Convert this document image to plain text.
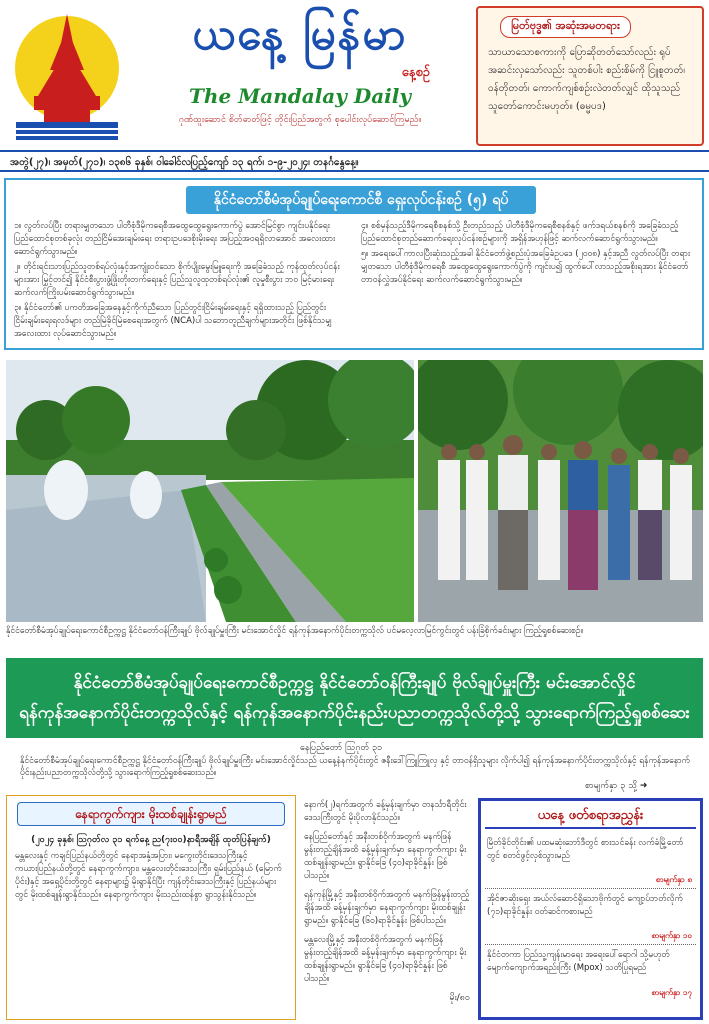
ယနေ့ မြန်မာ
နေ့စဉ်
The Mandalay Daily
ဂုဏ်ထူးဆောင် စိတ်ဓာတ်ဖြင့် တိုင်းပြည်အတွက် စုပေါင်းလုပ်ဆောင်ကြမည်။
မြတ်ဗုဒ္ဓ၏ အဆုံးအမတရား
သာယာသောစကားကို ပြောဆိုတတ်သော်လည်း ရုပ်အဆင်းလှသော်လည်း သူတစ်ပါး စည်းစိမ်ကို ငြူစူတတ်၊ ဝန်တိုတတ်၊ ကောက်ကျစ်စဉ်းလဲတတ်လျှင် ထိုသူသည် သူတော်ကောင်းမဟုတ်။ (ဓမ္မပဒ)
အတွဲ(၂၇)၊ အမှတ်(၂၇၁)၊ ၁၃၈၆ ခုနှစ်၊ ဝါခေါင်လပြည့်ကျော် ၁၃ ရက်၊ ၁-၉-၂၀၂၄၊ တနင်္ဂနွေနေ့။
နိုင်ငံတော်စီမံအုပ်ချုပ်ရေးကောင်စီ ရှေးလုပ်ငန်းစဉ် (၅) ရပ်

၁။ လွတ်လပ်ပြီး တရားမျှတသော ပါတီစုံဒီမိုကရေစီအထွေထွေရွေးကောက်ပွဲ အောင်မြင်စွာ ကျင်းပနိုင်ရေး ပြည်ထောင်စုတစ်ခုလုံး တည်ငြိမ်အေးချမ်းရေး တရားဥပဒေစိုးမိုးရေး အပြည့်အဝရရှိလာအောင် အလေးထားဆောင်ရွက်သွားမည်။

၂။ တိုင်းရင်းသားပြည်သူတစ်ရပ်လုံးနှင့်အကျုံးဝင်သော စိုက်ပျိုးမွေးမြူရေးကို အခြေခံသည့် ကုန်ထုတ်လုပ်ငန်းများအား မြှင့်တင်၍ နိုင်ငံစီးပွားဖွံ့ဖြိုးတိုးတက်ရေးနှင့် ပြည်သူလူထုတစ်ရပ်လုံး၏ လူမှုစီးပွား ဘဝ မြင့်မားရေး ဆက်လက်ကြိုးပမ်းဆောင်ရွက်သွားမည်။

၃။ နိုင်ငံတော်၏ ပကတိအခြေအနေနှင့်ကိုက်ညီသော ပြည်တွင်းငြိမ်းချမ်းရေးနှင့် ရရှိထားသည့် ပြည်တွင်းငြိမ်းချမ်းရေးရလဒ်များ တည်မြဲခိုင်မြဲစေရေးအတွက် (NCA)ပါ သဘောတူညီချက်များအတိုင်း ဖြစ်နိုင်သမျှ အလေးထား လုပ်ဆောင်သွားမည်။

၄။ စစ်မှန်သည့်ဒီမိုကရေစီစနစ်သို့ ဦးတည်သည့် ပါတီစုံဒီမိုကရေစီစနစ်နှင့် ဖက်ဒရယ်စနစ်ကို အခြေခံသည့် ပြည်ထောင်စုတည်ဆောက်ရေးလုပ်ငန်းစဉ်များကို အရှိန်အဟုန်ဖြင့် ဆက်လက်ဆောင်ရွက်သွားမည်။

၅။ အရေးပေါ်ကာလပြီးဆုံးသည့်အခါ နိုင်ငံတော်ဖွဲ့စည်းပုံအခြေခံဥပဒေ (၂၀၀၈) နှင့်အညီ လွတ်လပ်ပြီး တရားမျှတသော ပါတီစုံဒီမိုကရေစီ အထွေထွေရွေးကောက်ပွဲကို ကျင်းပ၍ ထွက်ပေါ်လာသည့်အစိုးရအား နိုင်ငံတော်တာဝန်လွှဲအပ်နိုင်ရေး ဆက်လက်ဆောင်ရွက်သွားမည်။

နိုင်ငံတော်စီမံအုပ်ချုပ်ရေးကောင်စီဥက္ကဋ္ဌ နိုင်ငံတော်ဝန်ကြီးချုပ် ဗိုလ်ချုပ်မှူးကြီး မင်းအောင်လှိုင် ရန်ကုန်အနောက်ပိုင်းတက္ကသိုလ် ပင်မလေ့လာမြင်ကွင်းတွင် ပန်းခြံစိုက်ခင်းများ ကြည့်ရှုစစ်ဆေးစဉ်။
နိုင်ငံတော်စီမံအုပ်ချုပ်ရေးကောင်စီဥက္ကဋ္ဌ နိုင်ငံတော်ဝန်ကြီးချုပ် ဗိုလ်ချုပ်မှူးကြီး မင်းအောင်လှိုင်
ရန်ကုန်အနောက်ပိုင်းတက္ကသိုလ်နှင့် ရန်ကုန်အနောက်ပိုင်းနည်းပညာတက္ကသိုလ်တို့သို့ သွားရောက်ကြည့်ရှုစစ်ဆေး
နေပြည်တော် ဩဂုတ် ၃၁
နိုင်ငံတော်စီမံအုပ်ချုပ်ရေးကောင်စီဥက္ကဋ္ဌ နိုင်ငံတော်ဝန်ကြီးချုပ် ဗိုလ်ချုပ်မှူးကြီး မင်းအောင်လှိုင်သည် ယနေ့နံနက်ပိုင်းတွင် ဇနီးဒေါ်ကြူကြူလှ နှင့် တာဝန်ရှိသူများ လိုက်ပါ၍ ရန်ကုန်အနောက်ပိုင်းတက္ကသိုလ်နှင့် ရန်ကုန်အနောက်ပိုင်းနည်းပညာတက္ကသိုလ်တို့သို့ သွားရောက်ကြည့်ရှုစစ်ဆေးသည်။
စာမျက်နှာ ၃ သို့ ➜
နေရာကွက်ကျား မိုးထစ်ချုန်းရွာမည်
(၂၀၂၄ ခုနှစ်၊ ဩဂုတ်လ ၃၁ ရက်နေ့ ည(၇း၀၀)နာရီအချိန် ထုတ်ပြန်ချက်)
မန္တလေးနှင့် ကချင်ပြည်နယ်တို့တွင် နေရာအနှံ့အပြား၊ မကွေးတိုင်းဒေသကြီးနှင့် ကယားပြည်နယ်တို့တွင် နေရာကွက်ကျား၊ မန္တလေးတိုင်းဒေသကြီး၊ ရှမ်းပြည်နယ် (မြောက်ပိုင်း)နှင့် အရှေ့ပိုင်းတို့တွင် နေရာများ၌ မိုးရွာနိုင်ပြီး ကျန်တိုင်းဒေသကြီးနှင့် ပြည်နယ်များတွင် မိုးထစ်ချုန်းရွာနိုင်သည်။ နေရာကွက်ကျား မိုးသည်းထန်စွာ ရွာသွန်းနိုင်သည်။

နောက်(၂)ရက်အတွက် ခန့်မှန်းချက်မှာ တနင်္သာရီတိုင်းဒေသကြီးတွင် မိုးပိုလာနိုင်သည်။

နေပြည်တော်နှင့် အနီးတစ်ဝိုက်အတွက် မနက်ဖြန်မွန်းတည့်ချိန်အထိ ခန့်မှန်းချက်မှာ နေရာကွက်ကျား မိုးထစ်ချုန်းရွာမည်။ ရွာနိုင်ခြေ (၄၀)ရာခိုင်နှုန်း ဖြစ်ပါသည်။

ရန်ကုန်မြို့နှင့် အနီးတစ်ဝိုက်အတွက် မနက်ဖြန်မွန်းတည့်ချိန်အထိ ခန့်မှန်းချက်မှာ နေရာကွက်ကျား မိုးထစ်ချုန်းရွာမည်။ ရွာနိုင်ခြေ (၆၀)ရာခိုင်နှုန်း ဖြစ်ပါသည်။

မန္တလေးမြို့နှင့် အနီးတစ်ဝိုက်အတွက် မနက်ဖြန်မွန်းတည့်ချိန်အထိ ခန့်မှန်းချက်မှာ နေရာကွက်ကျား မိုးထစ်ချုန်းရွာမည်။ ရွာနိုင်ခြေ (၄၀)ရာခိုင်နှုန်း ဖြစ်ပါသည်။

မိုး/၈၀
ယနေ့ ဖတ်စရာအညွှန်း
မြိတ်ခိုင်တိုင်း၏ ပထမဆုံးဘော်ဒီတွင် စားသင်ခန်း လက်ခံမြို့တော်တွင် စတင်ဖွင့်လှစ်သွားမည်
စာမျက်နှာ ၈
အိုင်ဇာဆိုးရှေး အယ်လ်ဆောင်ရှိသောဗိုက်တွင် ကျော့ပ်ဘတ်လိုက် (၇၁)ရာခိုင်နှုန်း ဝတ်ဆင်ကစားမည်
စာမျက်နှာ ၁၀
နိုင်ငံတကာ ပြည်သူ့ကျန်းမာရေး အရေးပေါ်ရောဂါ သို့မဟုတ် မျောက်ကျောက်အရည်းကြီး (Mpox) သတိပြုရမည်
စာမျက်နှာ ၁၇
